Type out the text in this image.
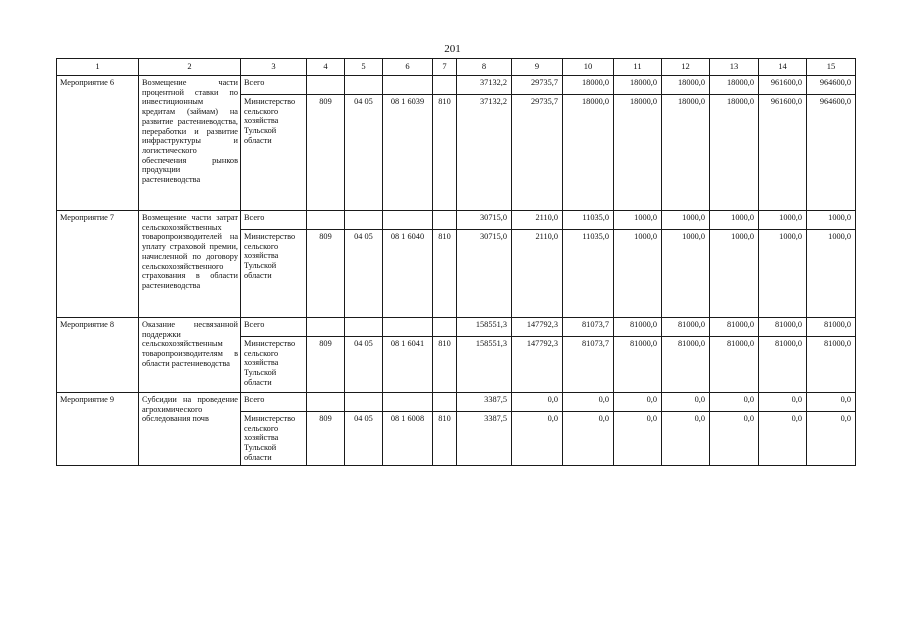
201
1	2	3	4	5	6	7	8	9	10	11	12	13	14	15
Мероприятие 6	Возмещение части процентной ставки по инвестиционным кредитам (займам) на развитие растениеводства, переработки и развитие инфраструктуры и логистического обеспечения рынков продукции растениеводства	Всего					37132,2	29735,7	18000,0	18000,0	18000,0	18000,0	961600,0	964600,0
		Министерство сельского хозяйства Тульской области	809	04 05	08 1 6039	810	37132,2	29735,7	18000,0	18000,0	18000,0	18000,0	961600,0	964600,0
Мероприятие 7	Возмещение части затрат сельскохозяйственных товаропроизводителей на уплату страховой премии, начисленной по договору сельскохозяйственного страхования в области растениеводства	Всего					30715,0	2110,0	11035,0	1000,0	1000,0	1000,0	1000,0	1000,0
		Министерство сельского хозяйства Тульской области	809	04 05	08 1 6040	810	30715,0	2110,0	11035,0	1000,0	1000,0	1000,0	1000,0	1000,0
Мероприятие 8	Оказание несвязанной поддержки сельскохозяйственным товаропроизводителям в области растениеводства	Всего					158551,3	147792,3	81073,7	81000,0	81000,0	81000,0	81000,0	81000,0
		Министерство сельского хозяйства Тульской области	809	04 05	08 1 6041	810	158551,3	147792,3	81073,7	81000,0	81000,0	81000,0	81000,0	81000,0
Мероприятие 9	Субсидии на проведение агрохимического обследования почв	Всего					3387,5	0,0	0,0	0,0	0,0	0,0	0,0	0,0
		Министерство сельского хозяйства Тульской области	809	04 05	08 1 6008	810	3387,5	0,0	0,0	0,0	0,0	0,0	0,0	0,0
